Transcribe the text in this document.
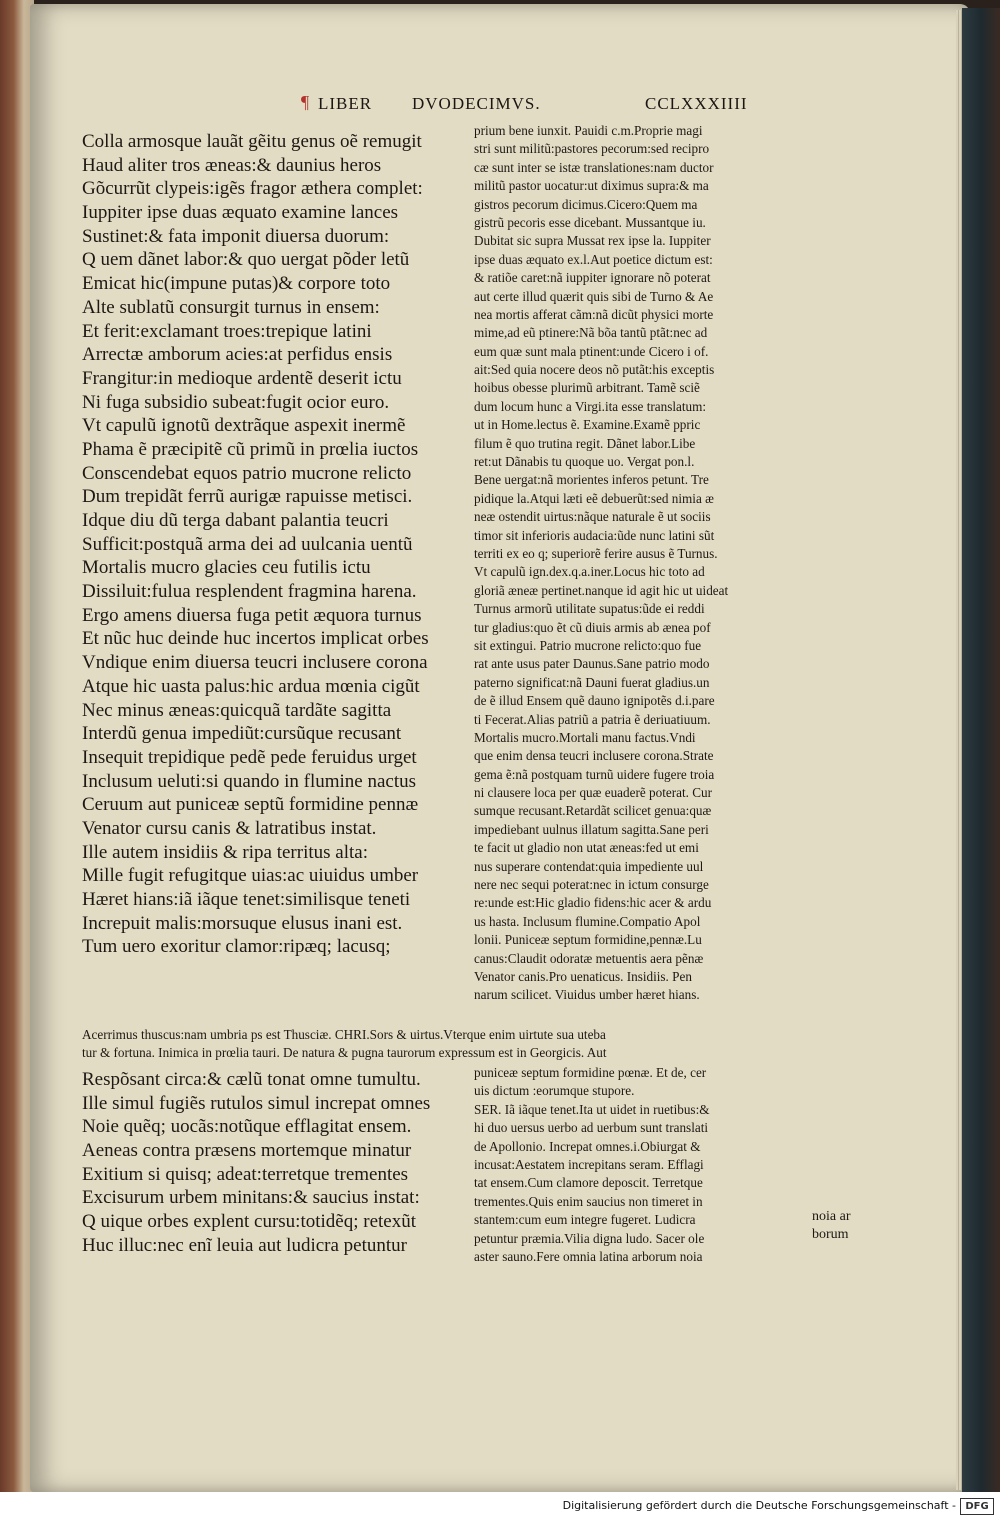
¶ LIBER DVODECIMVS.	CCLXXXIIII
Colla armosque lauãt gẽitu genus oẽ remugit
Haud aliter tros æneas:& daunius heros
Gõcurrũt clypeis:igẽs fragor æthera complet:
Iuppiter ipse duas æquato examine lances
Sustinet:& fata imponit diuersa duorum:
Q uem dãnet labor:& quo uergat põder letũ
Emicat hic(impune putas)& corpore toto
Alte sublatũ consurgit turnus in ensem:
Et ferit:exclamant troes:trepique latini
Arrectæ amborum acies:at perfidus ensis
Frangitur:in medioque ardentẽ deserit ictu
Ni fuga subsidio subeat:fugit ocior euro.
Vt capulũ ignotũ dextrãque aspexit inermẽ
Phama ẽ præcipitẽ cũ primũ in prœlia iuctos
Conscendebat equos patrio mucrone relicto
Dum trepidãt ferrũ aurigæ rapuisse metisci.
Idque diu dũ terga dabant palantia teucri
Sufficit:postquã arma dei ad uulcania uentũ
Mortalis mucro glacies ceu futilis ictu
Dissiluit:fulua resplendent fragmina harena.
Ergo amens diuersa fuga petit æquora turnus
Et nũc huc deinde huc incertos implicat orbes
Vndique enim diuersa teucri inclusere corona
Atque hic uasta palus:hic ardua mœnia cigũt
Nec minus æneas:quicquã tardãte sagitta
Interdũ genua impediũt:cursũque recusant
Insequit trepidique pedẽ pede feruidus urget
Inclusum ueluti:si quando in flumine nactus
Ceruum aut puniceæ septũ formidine pennæ
Venator cursu canis & latratibus instat.
Ille autem insidiis & ripa territus alta:
Mille fugit refugitque uias:ac uiuidus umber
Hæret hians:iã iãque tenet:similisque teneti
Increpuit malis:morsuque elusus inani est.
Tum uero exoritur clamor:ripæq; lacusq;
prium bene iunxit. Pauidi c.m.Proprie magi
stri sunt militũ:pastores pecorum:sed recipro
cæ sunt inter se istæ translationes:nam ductor
militũ pastor uocatur:ut diximus supra:& ma
gistros pecorum dicimus.Cicero:Quem ma
gistrũ pecoris esse dicebant. Mussantque iu.
Dubitat sic supra Mussat rex ipse la. Iuppiter
ipse duas æquato ex.l.Aut poetice dictum est:
& ratiõe caret:nã iuppiter ignorare nõ poterat
aut certe illud quærit quis sibi de Turno & Ae
nea mortis afferat cãm:nã dicũt physici morte
mime,ad eũ ptinere:Nã bõa tantũ ptãt:nec ad
eum quæ sunt mala ptinent:unde Cicero i of.
ait:Sed quia nocere deos nõ putãt:his exceptis
hoibus obesse plurimũ arbitrant. Tamẽ sciẽ
dum locum hunc a Virgi.ita esse translatum:
ut in Home.lectus ẽ. Examine.Examẽ ppric
filum ẽ quo trutina regit. Dãnet labor.Libe
ret:ut Dãnabis tu quoque uo. Vergat pon.l.
Bene uergat:nã morientes inferos petunt. Tre
pidique la.Atqui læti eẽ debuerũt:sed nimia æ
neæ ostendit uirtus:nãque naturale ẽ ut sociis
timor sit inferioris audacia:ũde nunc latini sũt
territi ex eo q; superiorẽ ferire ausus ẽ Turnus.
Vt capulũ ign.dex.q.a.iner.Locus hic toto ad
gloriã æneæ pertinet.nanque id agit hic ut uideat
Turnus armorũ utilitate supatus:ũde ei reddi
tur gladius:quo ẽt cũ diuis armis ab ænea pof
sit extingui. Patrio mucrone relicto:quo fue
rat ante usus pater Daunus.Sane patrio modo
paterno significat:nã Dauni fuerat gladius.un
de ẽ illud Ensem quẽ dauno ignipotẽs d.i.pare
ti Fecerat.Alias patriũ a patria ẽ deriuatiuum.
Mortalis mucro.Mortali manu factus.Vndi
que enim densa teucri inclusere corona.Strate
gema ẽ:nã postquam turnũ uidere fugere troia
ni clausere loca per quæ euaderẽ poterat. Cur
sumque recusant.Retardãt scilicet genua:quæ
impediebant uulnus illatum sagitta.Sane peri
te facit ut gladio non utat æneas:fed ut emi
nus superare contendat:quia impediente uul
nere nec sequi poterat:nec in ictum consurge
re:unde est:Hic gladio fidens:hic acer & ardu
us hasta. Inclusum flumine.Compatio Apol
lonii. Puniceæ septum formidine,pennæ.Lu
canus:Claudit odoratæ metuentis aera pẽnæ
Venator canis.Pro uenaticus. Insidiis. Pen
narum scilicet. Viuidus umber hæret hians.
Acerrimus thuscus:nam umbria ps est Thusciæ. CHRI.Sors & uirtus.Vterque enim uirtute sua uteba
tur & fortuna. Inimica in prœlia tauri. De natura & pugna taurorum expressum est in Georgicis. Aut
puniceæ septum formidine pœnæ. Et de, cer
uis dictum :eorumque stupore.
SER. Iã iãque tenet.Ita ut uidet in ruetibus:&
hi duo uersus uerbo ad uerbum sunt translati
de Apollonio. Increpat omnes.i.Obiurgat &
incusat:Aestatem increpitans seram. Efflagi
tat ensem.Cum clamore deposcit. Terretque
trementes.Quis enim saucius non timeret in
stantem:cum eum integre fugeret. Ludicra
petuntur præmia.Vilia digna ludo. Sacer ole
aster sauno.Fere omnia latina arborum noia
Respõsant circa:& cælũ tonat omne tumultu.
Ille simul fugiẽs rutulos simul increpat omnes
Noie quẽq; uocãs:notũque efflagitat ensem.
Aeneas contra præsens mortemque minatur
Exitium si quisq; adeat:terretque trementes
Excisurum urbem minitans:& saucius instat:
Q uique orbes explent cursu:totidẽq; retexũt
Huc illuc:nec enĩ leuia aut ludicra petuntur
noia ar
borum
Digitalisierung gefördert durch die Deutsche Forschungsgemeinschaft - DFG
